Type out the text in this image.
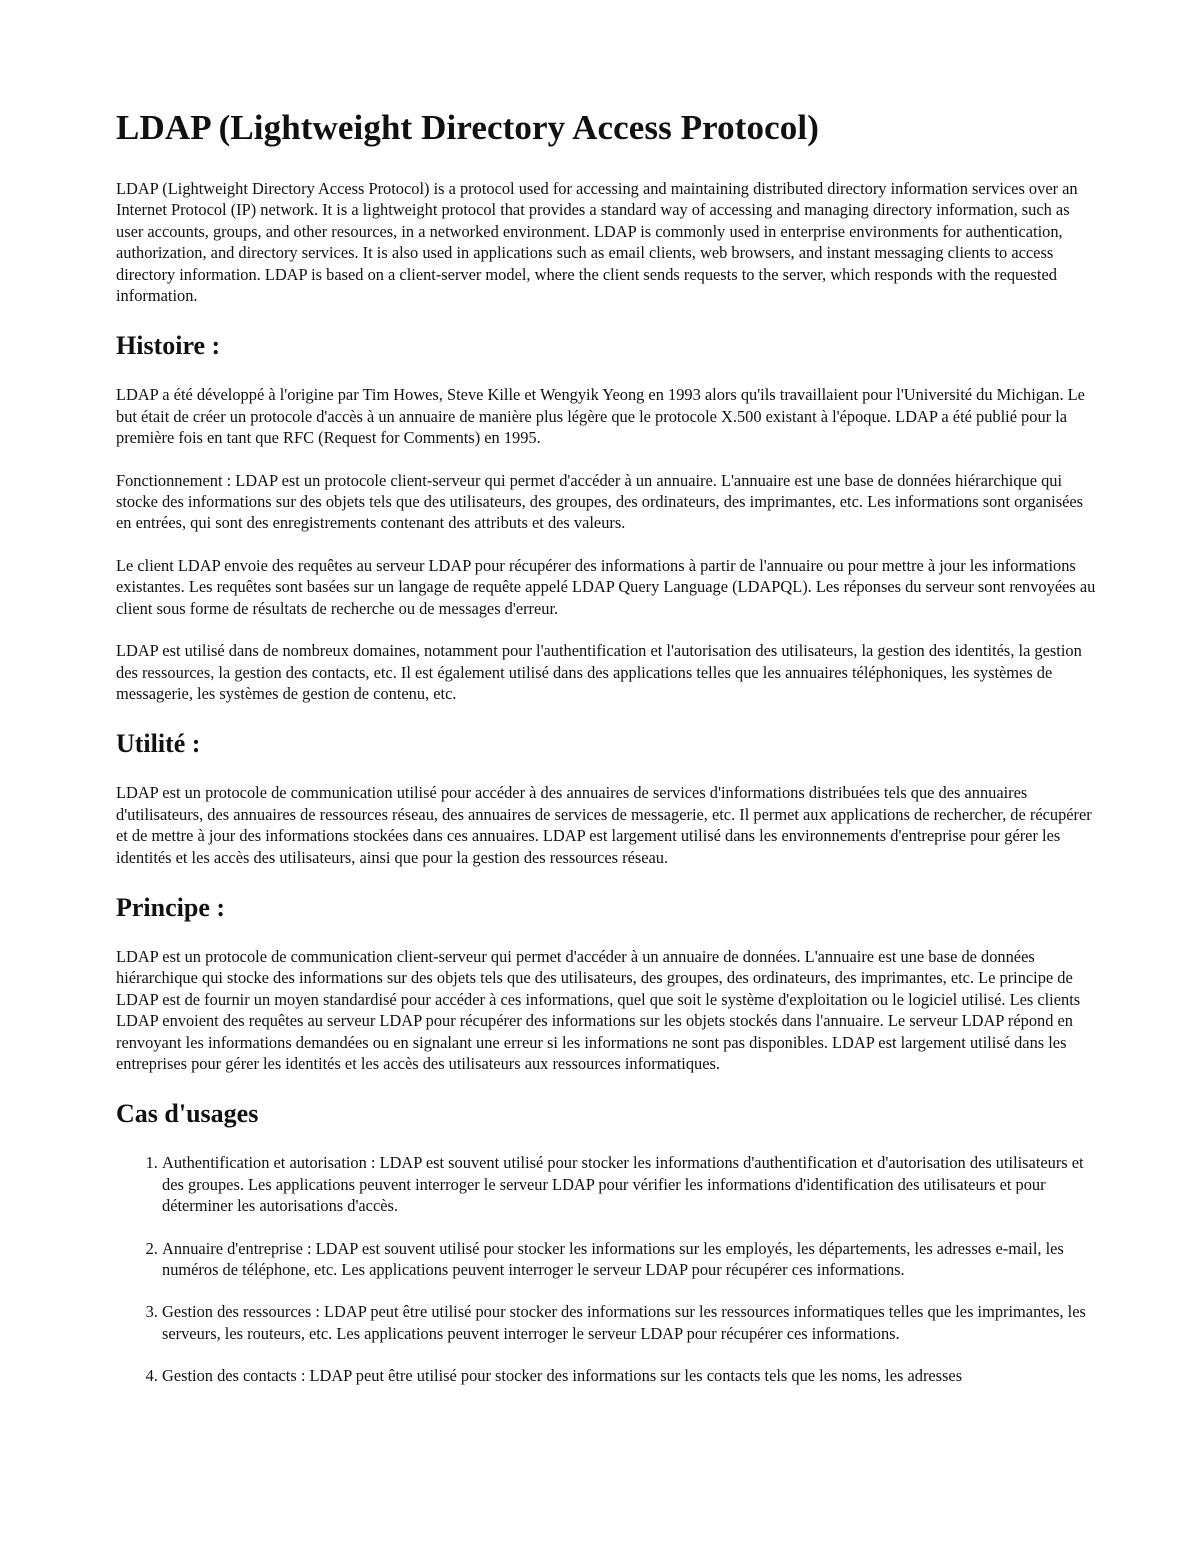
LDAP (Lightweight Directory Access Protocol)

LDAP (Lightweight Directory Access Protocol) is a protocol used for accessing and maintaining distributed directory information services over an Internet Protocol (IP) network. It is a lightweight protocol that provides a standard way of accessing and managing directory information, such as user accounts, groups, and other resources, in a networked environment. LDAP is commonly used in enterprise environments for authentication, authorization, and directory services. It is also used in applications such as email clients, web browsers, and instant messaging clients to access directory information. LDAP is based on a client-server model, where the client sends requests to the server, which responds with the requested information.

Histoire :

LDAP a été développé à l'origine par Tim Howes, Steve Kille et Wengyik Yeong en 1993 alors qu'ils travaillaient pour l'Université du Michigan. Le but était de créer un protocole d'accès à un annuaire de manière plus légère que le protocole X.500 existant à l'époque. LDAP a été publié pour la première fois en tant que RFC (Request for Comments) en 1995.

Fonctionnement : LDAP est un protocole client-serveur qui permet d'accéder à un annuaire. L'annuaire est une base de données hiérarchique qui stocke des informations sur des objets tels que des utilisateurs, des groupes, des ordinateurs, des imprimantes, etc. Les informations sont organisées en entrées, qui sont des enregistrements contenant des attributs et des valeurs.

Le client LDAP envoie des requêtes au serveur LDAP pour récupérer des informations à partir de l'annuaire ou pour mettre à jour les informations existantes. Les requêtes sont basées sur un langage de requête appelé LDAP Query Language (LDAPQL). Les réponses du serveur sont renvoyées au client sous forme de résultats de recherche ou de messages d'erreur.

LDAP est utilisé dans de nombreux domaines, notamment pour l'authentification et l'autorisation des utilisateurs, la gestion des identités, la gestion des ressources, la gestion des contacts, etc. Il est également utilisé dans des applications telles que les annuaires téléphoniques, les systèmes de messagerie, les systèmes de gestion de contenu, etc.

Utilité :

LDAP est un protocole de communication utilisé pour accéder à des annuaires de services d'informations distribuées tels que des annuaires d'utilisateurs, des annuaires de ressources réseau, des annuaires de services de messagerie, etc. Il permet aux applications de rechercher, de récupérer et de mettre à jour des informations stockées dans ces annuaires. LDAP est largement utilisé dans les environnements d'entreprise pour gérer les identités et les accès des utilisateurs, ainsi que pour la gestion des ressources réseau.

Principe :

LDAP est un protocole de communication client-serveur qui permet d'accéder à un annuaire de données. L'annuaire est une base de données hiérarchique qui stocke des informations sur des objets tels que des utilisateurs, des groupes, des ordinateurs, des imprimantes, etc. Le principe de LDAP est de fournir un moyen standardisé pour accéder à ces informations, quel que soit le système d'exploitation ou le logiciel utilisé. Les clients LDAP envoient des requêtes au serveur LDAP pour récupérer des informations sur les objets stockés dans l'annuaire. Le serveur LDAP répond en renvoyant les informations demandées ou en signalant une erreur si les informations ne sont pas disponibles. LDAP est largement utilisé dans les entreprises pour gérer les identités et les accès des utilisateurs aux ressources informatiques.

Cas d'usages
1. Authentification et autorisation : LDAP est souvent utilisé pour stocker les informations d'authentification et d'autorisation des utilisateurs et des groupes. Les applications peuvent interroger le serveur LDAP pour vérifier les informations d'identification des utilisateurs et pour déterminer les autorisations d'accès.
2. Annuaire d'entreprise : LDAP est souvent utilisé pour stocker les informations sur les employés, les départements, les adresses e-mail, les numéros de téléphone, etc. Les applications peuvent interroger le serveur LDAP pour récupérer ces informations.
3. Gestion des ressources : LDAP peut être utilisé pour stocker des informations sur les ressources informatiques telles que les imprimantes, les serveurs, les routeurs, etc. Les applications peuvent interroger le serveur LDAP pour récupérer ces informations.
4. Gestion des contacts : LDAP peut être utilisé pour stocker des informations sur les contacts tels que les noms, les adresses
